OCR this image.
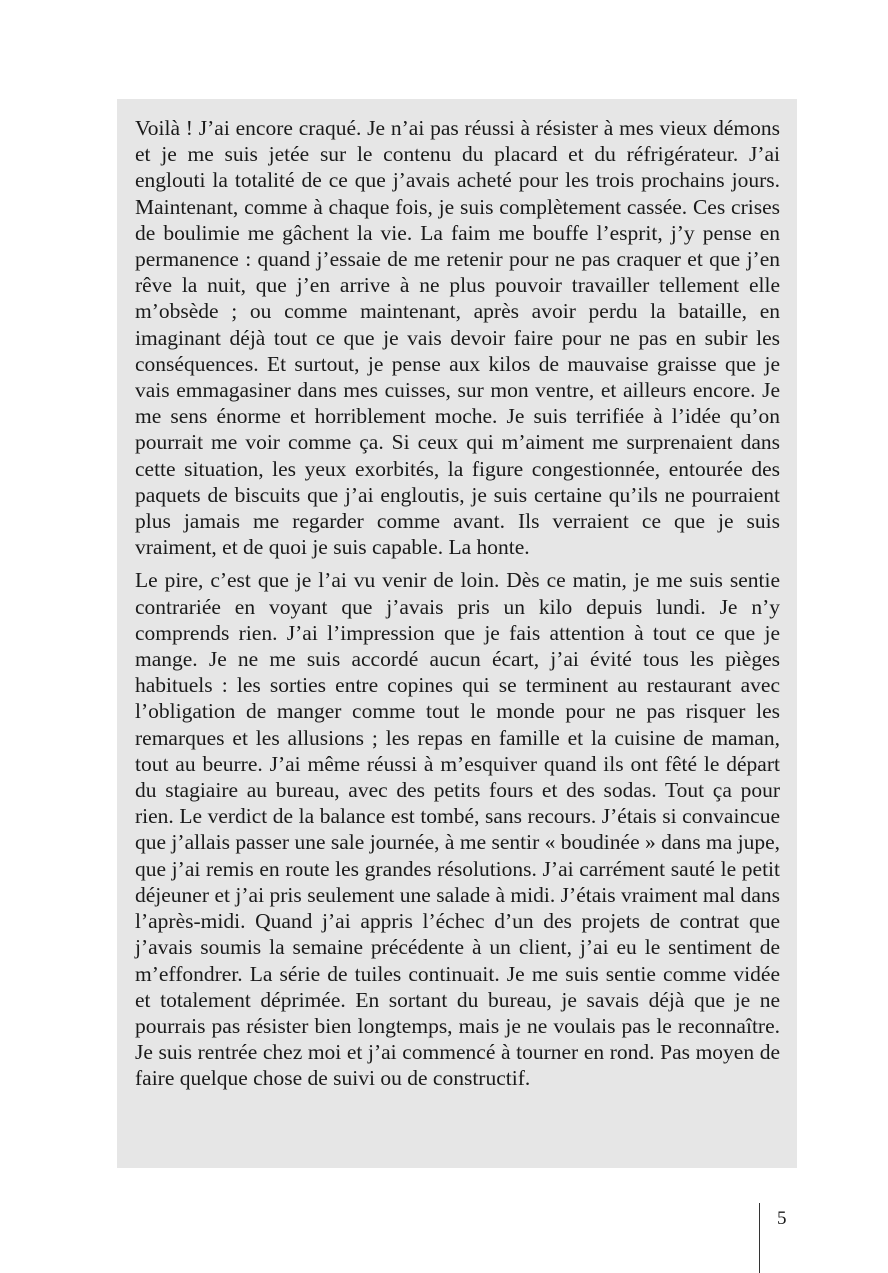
Voilà ! J’ai encore craqué. Je n’ai pas réussi à résister à mes vieux démons et je me suis jetée sur le contenu du placard et du réfrigérateur. J’ai englouti la totalité de ce que j’avais acheté pour les trois prochains jours. Maintenant, comme à chaque fois, je suis complètement cassée. Ces crises de boulimie me gâchent la vie. La faim me bouffe l’esprit, j’y pense en permanence : quand j’essaie de me retenir pour ne pas craquer et que j’en rêve la nuit, que j’en arrive à ne plus pouvoir travailler tellement elle m’obsède ; ou comme maintenant, après avoir perdu la bataille, en imaginant déjà tout ce que je vais devoir faire pour ne pas en subir les conséquences. Et surtout, je pense aux kilos de mauvaise graisse que je vais emmagasiner dans mes cuisses, sur mon ventre, et ailleurs encore. Je me sens énorme et horriblement moche. Je suis terrifiée à l’idée qu’on pourrait me voir comme ça. Si ceux qui m’aiment me surprenaient dans cette situation, les yeux exorbités, la figure congestionnée, entourée des paquets de biscuits que j’ai engloutis, je suis certaine qu’ils ne pourraient plus jamais me regarder comme avant. Ils verraient ce que je suis vraiment, et de quoi je suis capable. La honte.

Le pire, c’est que je l’ai vu venir de loin. Dès ce matin, je me suis sentie contrariée en voyant que j’avais pris un kilo depuis lundi. Je n’y comprends rien. J’ai l’impression que je fais attention à tout ce que je mange. Je ne me suis accordé aucun écart, j’ai évité tous les pièges habituels : les sorties entre copines qui se terminent au restaurant avec l’obligation de manger comme tout le monde pour ne pas risquer les remarques et les allusions ; les repas en famille et la cuisine de maman, tout au beurre. J’ai même réussi à m’esquiver quand ils ont fêté le départ du stagiaire au bureau, avec des petits fours et des sodas. Tout ça pour rien. Le verdict de la balance est tombé, sans recours. J’étais si convaincue que j’allais passer une sale journée, à me sentir « boudinée » dans ma jupe, que j’ai remis en route les grandes résolutions. J’ai carrément sauté le petit déjeuner et j’ai pris seulement une salade à midi. J’étais vraiment mal dans l’après-midi. Quand j’ai appris l’échec d’un des projets de contrat que j’avais soumis la semaine précédente à un client, j’ai eu le sentiment de m’effondrer. La série de tuiles continuait. Je me suis sentie comme vidée et totalement déprimée. En sortant du bureau, je savais déjà que je ne pourrais pas résister bien longtemps, mais je ne voulais pas le reconnaître. Je suis rentrée chez moi et j’ai commencé à tourner en rond. Pas moyen de faire quelque chose de suivi ou de constructif.

5
